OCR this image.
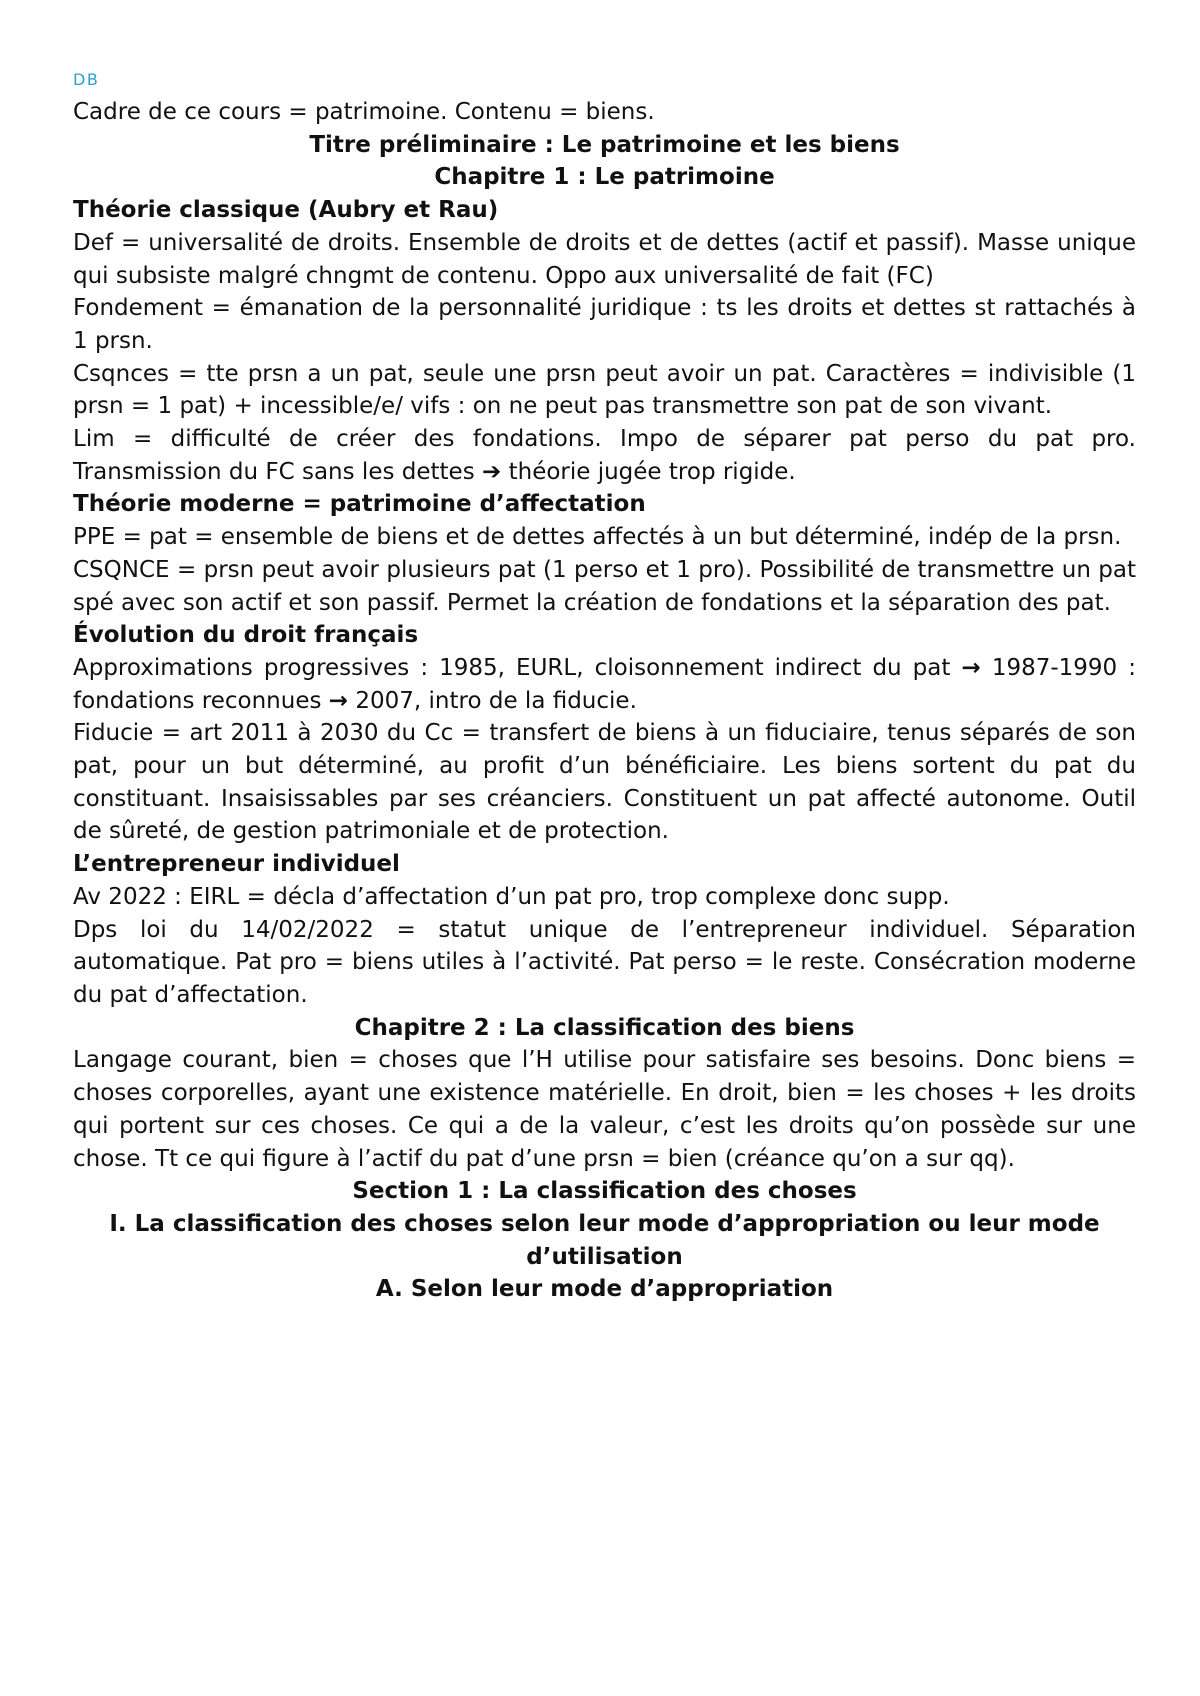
DB

Cadre de ce cours = patrimoine. Contenu = biens.

Titre préliminaire : Le patrimoine et les biens
Chapitre 1 : Le patrimoine
Théorie classique (Aubry et Rau)

Def = universalité de droits. Ensemble de droits et de dettes (actif et passif). Masse unique qui subsiste malgré chngmt de contenu. Oppo aux universalité de fait (FC)

Fondement = émanation de la personnalité juridique : ts les droits et dettes st rattachés à 1 prsn.

Csqnces = tte prsn a un pat, seule une prsn peut avoir un pat. Caractères = indivisible (1 prsn = 1 pat) + incessible/e/ vifs : on ne peut pas transmettre son pat de son vivant.

Lim = difficulté de créer des fondations. Impo de séparer pat perso du pat pro. Transmission du FC sans les dettes ➔ théorie jugée trop rigide.

Théorie moderne = patrimoine d’affectation

PPE = pat = ensemble de biens et de dettes affectés à un but déterminé, indép de la prsn.

CSQNCE = prsn peut avoir plusieurs pat (1 perso et 1 pro). Possibilité de transmettre un pat spé avec son actif et son passif. Permet la création de fondations et la séparation des pat.

Évolution du droit français

Approximations progressives : 1985, EURL, cloisonnement indirect du pat → 1987-1990 : fondations reconnues → 2007, intro de la fiducie.

Fiducie = art 2011 à 2030 du Cc = transfert de biens à un fiduciaire, tenus séparés de son pat, pour un but déterminé, au profit d’un bénéficiaire. Les biens sortent du pat du constituant. Insaisissables par ses créanciers. Constituent un pat affecté autonome. Outil de sûreté, de gestion patrimoniale et de protection.

L’entrepreneur individuel

Av 2022 : EIRL = décla d’affectation d’un pat pro, trop complexe donc supp.

Dps loi du 14/02/2022 = statut unique de l’entrepreneur individuel. Séparation automatique. Pat pro = biens utiles à l’activité. Pat perso = le reste. Consécration moderne du pat d’affectation.

Chapitre 2 : La classification des biens

Langage courant, bien = choses que l’H utilise pour satisfaire ses besoins. Donc biens = choses corporelles, ayant une existence matérielle. En droit, bien = les choses + les droits qui portent sur ces choses. Ce qui a de la valeur, c’est les droits qu’on possède sur une chose. Tt ce qui figure à l’actif du pat d’une prsn = bien (créance qu’on a sur qq).

Section 1 : La classification des choses
I. La classification des choses selon leur mode d’appropriation ou leur mode d’utilisation
A. Selon leur mode d’appropriation
